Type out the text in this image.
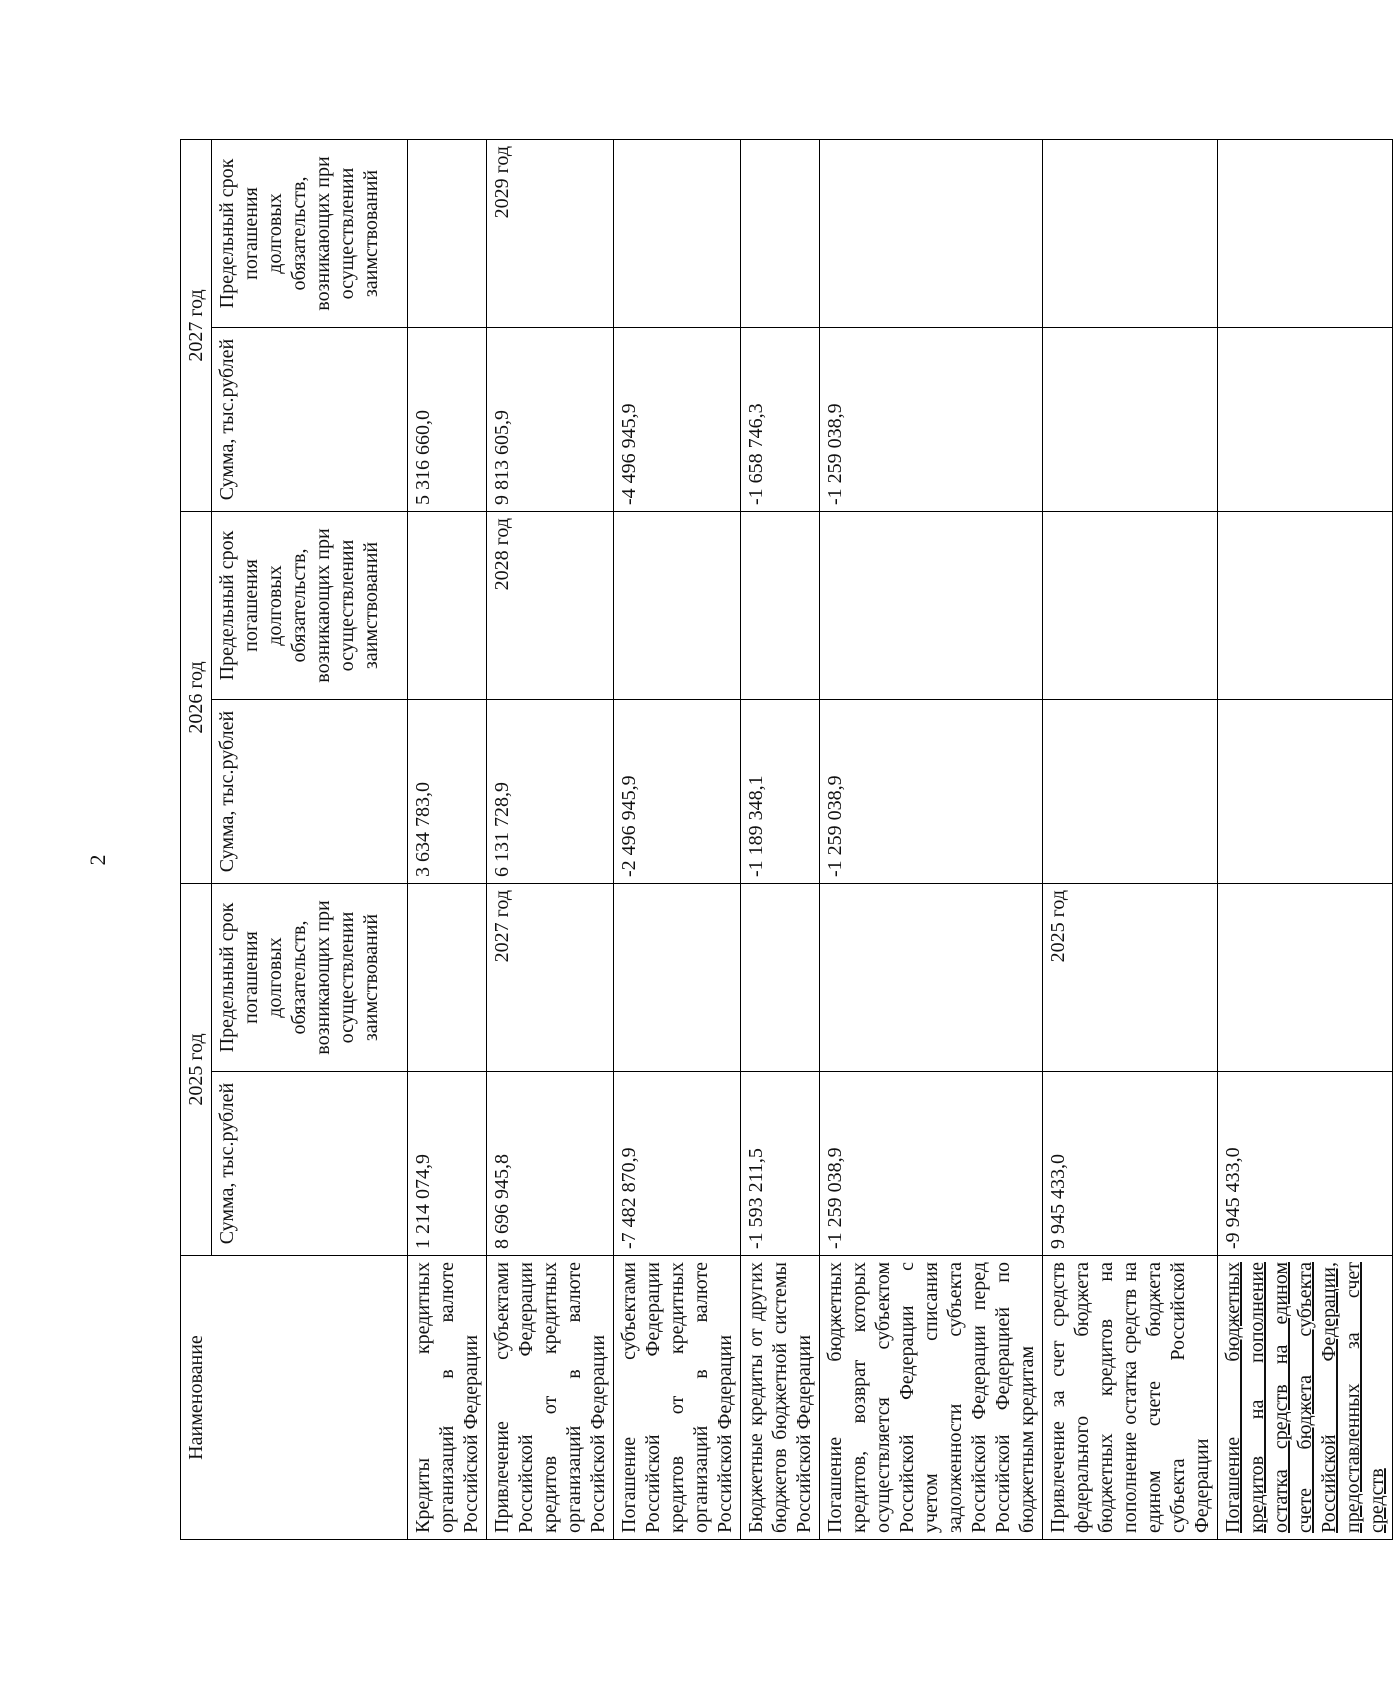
2
Наименование	2025 год		2026 год		2027 год	
	Сумма, тыс.рублей	Предельный срок погашения долговых обязательств, возникающих при осуществлении заимствований	Сумма, тыс.рублей	Предельный срок погашения долговых обязательств, возникающих при осуществлении заимствований	Сумма, тыс.рублей	Предельный срок погашения долговых обязательств, возникающих при осуществлении заимствований
Кредиты кредитных организаций в валюте Российской Федерации	1 214 074,9		3 634 783,0		5 316 660,0	
Привлечение субъектами Российской Федерации кредитов от кредитных организаций в валюте Российской Федерации	8 696 945,8	2027 год	6 131 728,9	2028 год	9 813 605,9	2029 год
Погашение субъектами Российской Федерации кредитов от кредитных организаций в валюте Российской Федерации	-7 482 870,9		-2 496 945,9		-4 496 945,9	
Бюджетные кредиты от других бюджетов бюджетной системы Российской Федерации	-1 593 211,5		-1 189 348,1		-1 658 746,3	
Погашение бюджетных кредитов, возврат которых осуществляется субъектом Российской Федерации с учетом списания задолженности субъекта Российской Федерации перед Российской Федерацией по бюджетным кредитам	-1 259 038,9		-1 259 038,9		-1 259 038,9	
Привлечение за счет средств федерального бюджета бюджетных кредитов на пополнение остатка средств на едином счете бюджета субъекта Российской Федерации	9 945 433,0	2025 год				
Погашение бюджетных кредитов на пополнение остатка средств на едином счете бюджета субъекта Российской Федерации, предоставленных за счет средств	-9 945 433,0					
